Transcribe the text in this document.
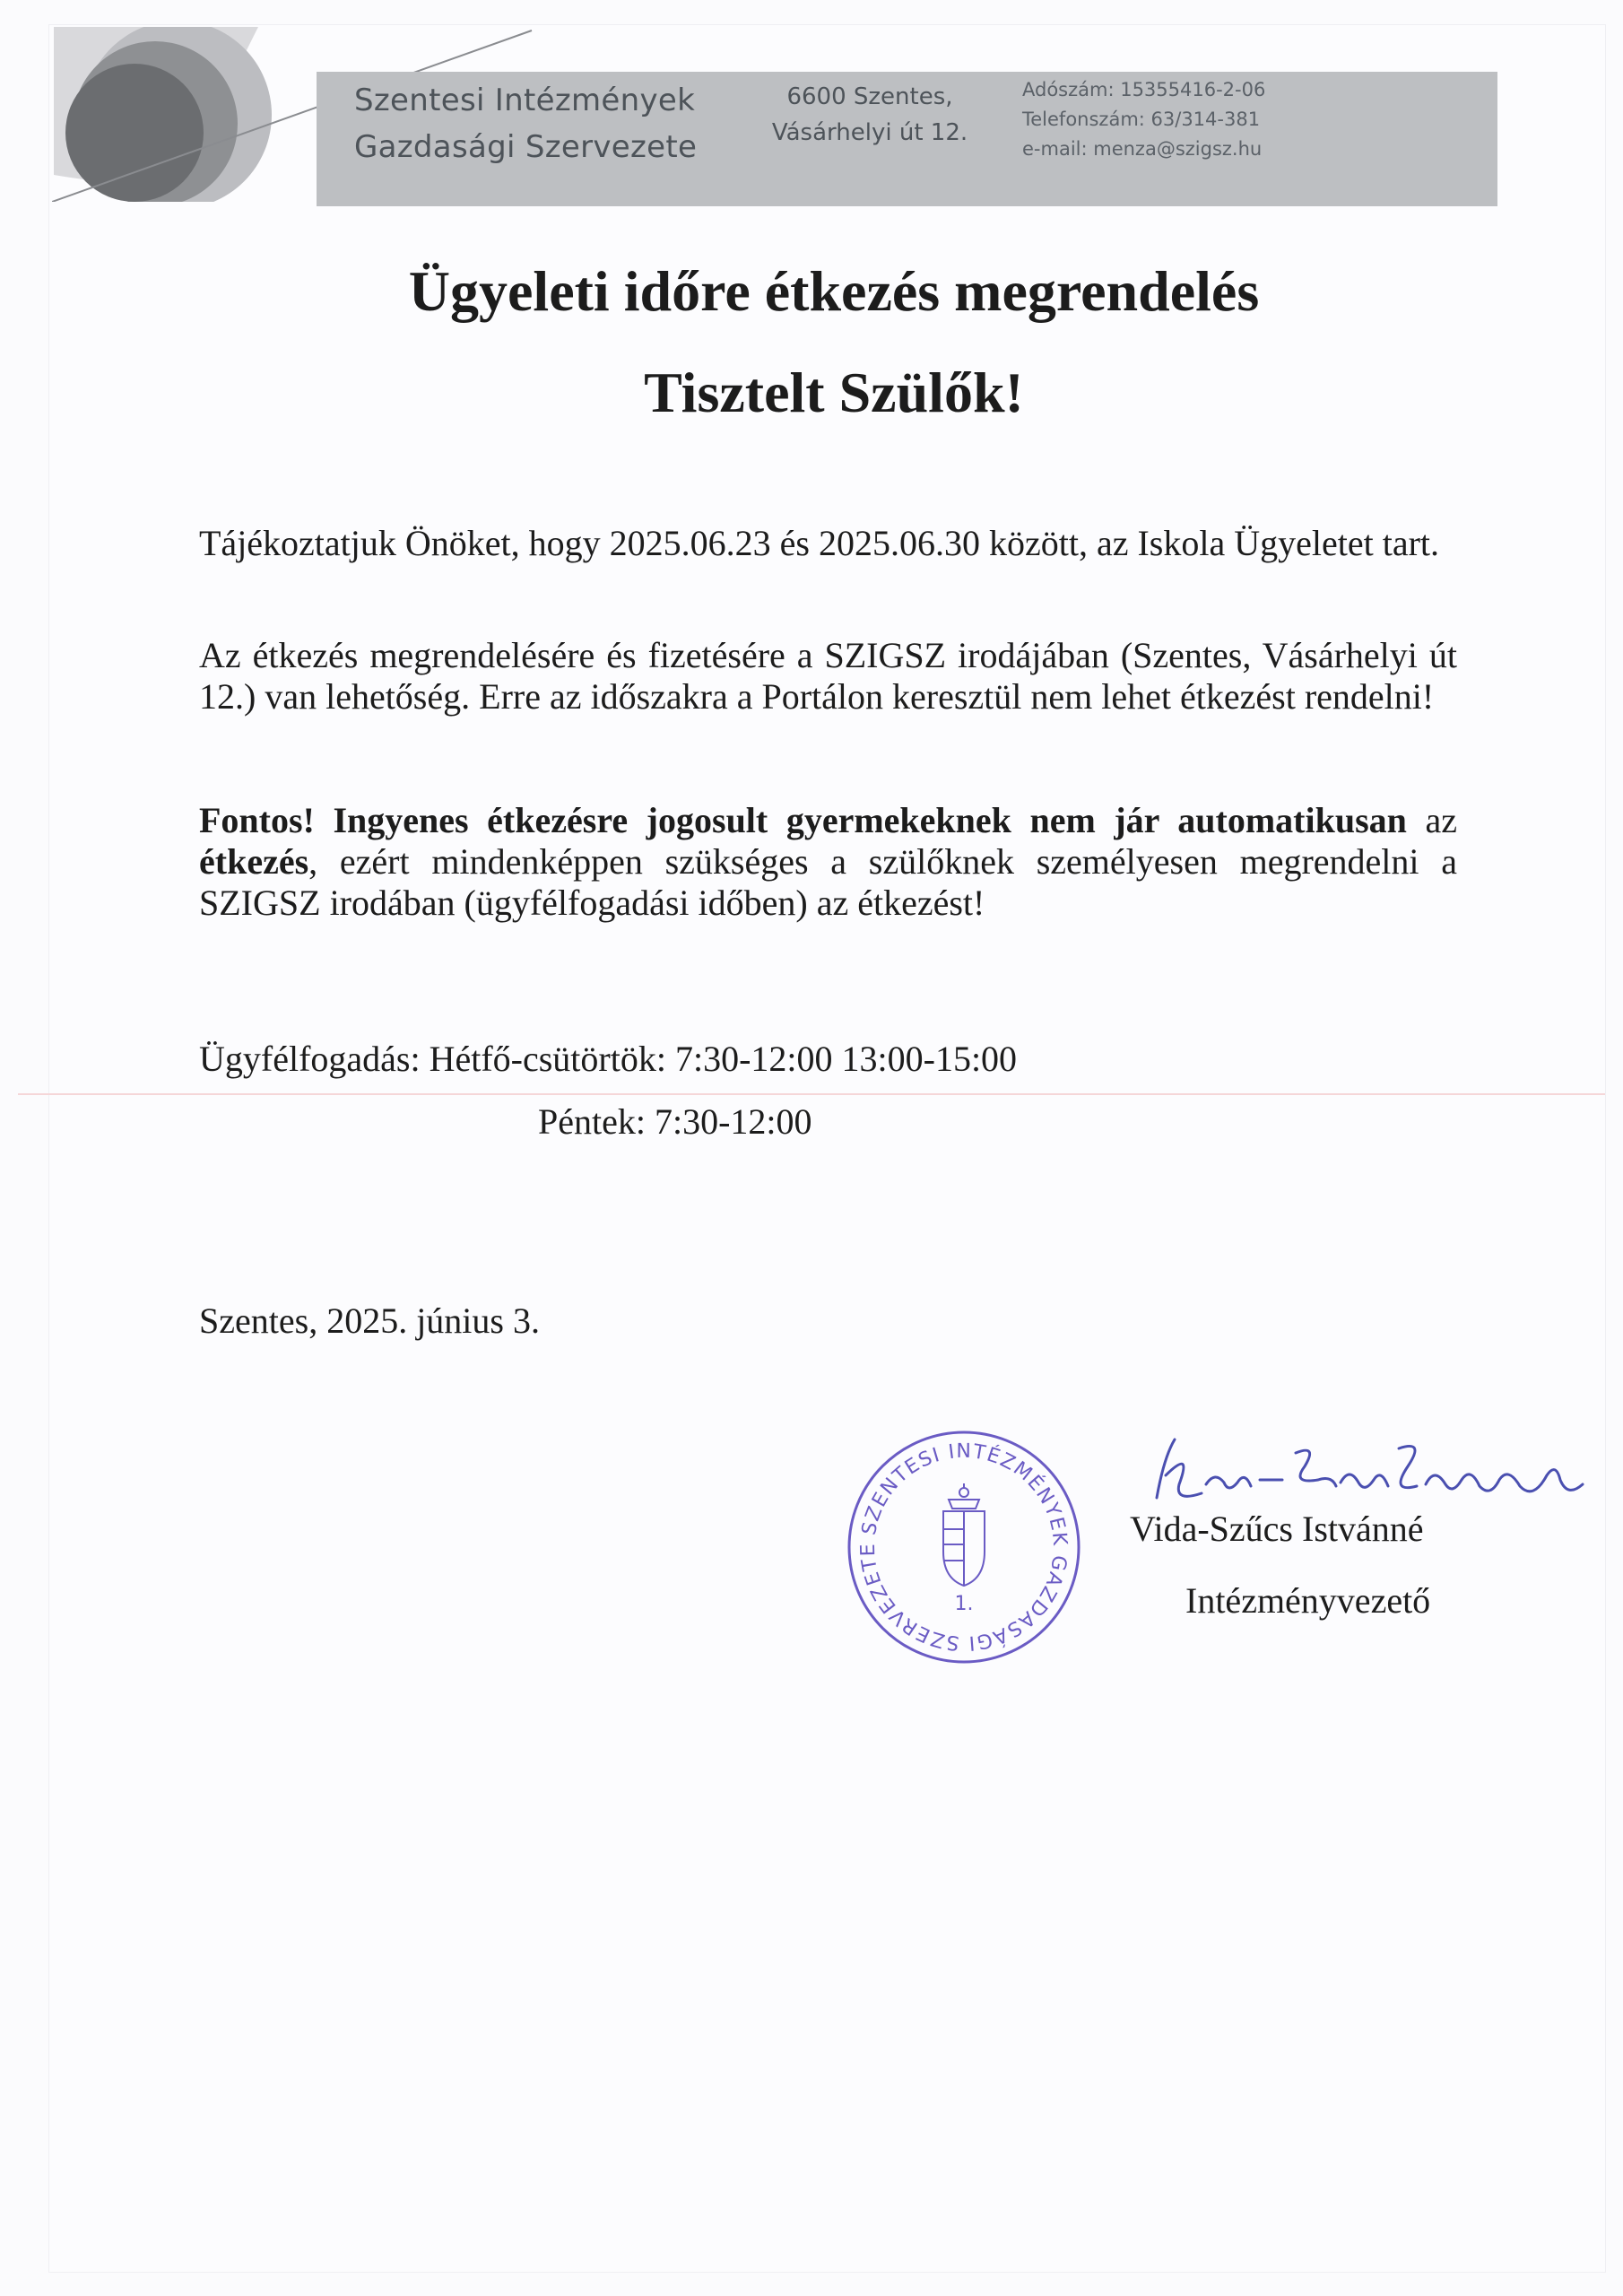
Szentesi Intézmények
Gazdasági Szervezete
6600 Szentes,
Vásárhelyi út 12.
Adószám: 15355416-2-06
Telefonszám: 63/314-381
e-mail: menza@szigsz.hu
Ügyeleti időre étkezés megrendelés
Tisztelt Szülők!

Tájékoztatjuk Önöket, hogy 2025.06.23 és 2025.06.30 között, az Iskola Ügyeletet tart.

Az étkezés megrendelésére és fizetésére a SZIGSZ irodájában (Szentes, Vásárhelyi út 12.) van lehetőség. Erre az időszakra a Portálon keresztül nem lehet étkezést rendelni!

Fontos! Ingyenes étkezésre jogosult gyermekeknek nem jár automatikusan az étkezés, ezért mindenképpen szükséges a szülőknek személyesen megrendelni a SZIGSZ irodában (ügyfélfogadási időben) az étkezést!

Ügyfélfogadás: Hétfő-csütörtök: 7:30-12:00 13:00-15:00

Péntek: 7:30-12:00

Szentes, 2025. június 3.

SZENTESI INTÉZMÉNYEK GAZDASÁGI SZERVEZETE
1.

Vida-Szűcs Istvánné

Intézményvezető
